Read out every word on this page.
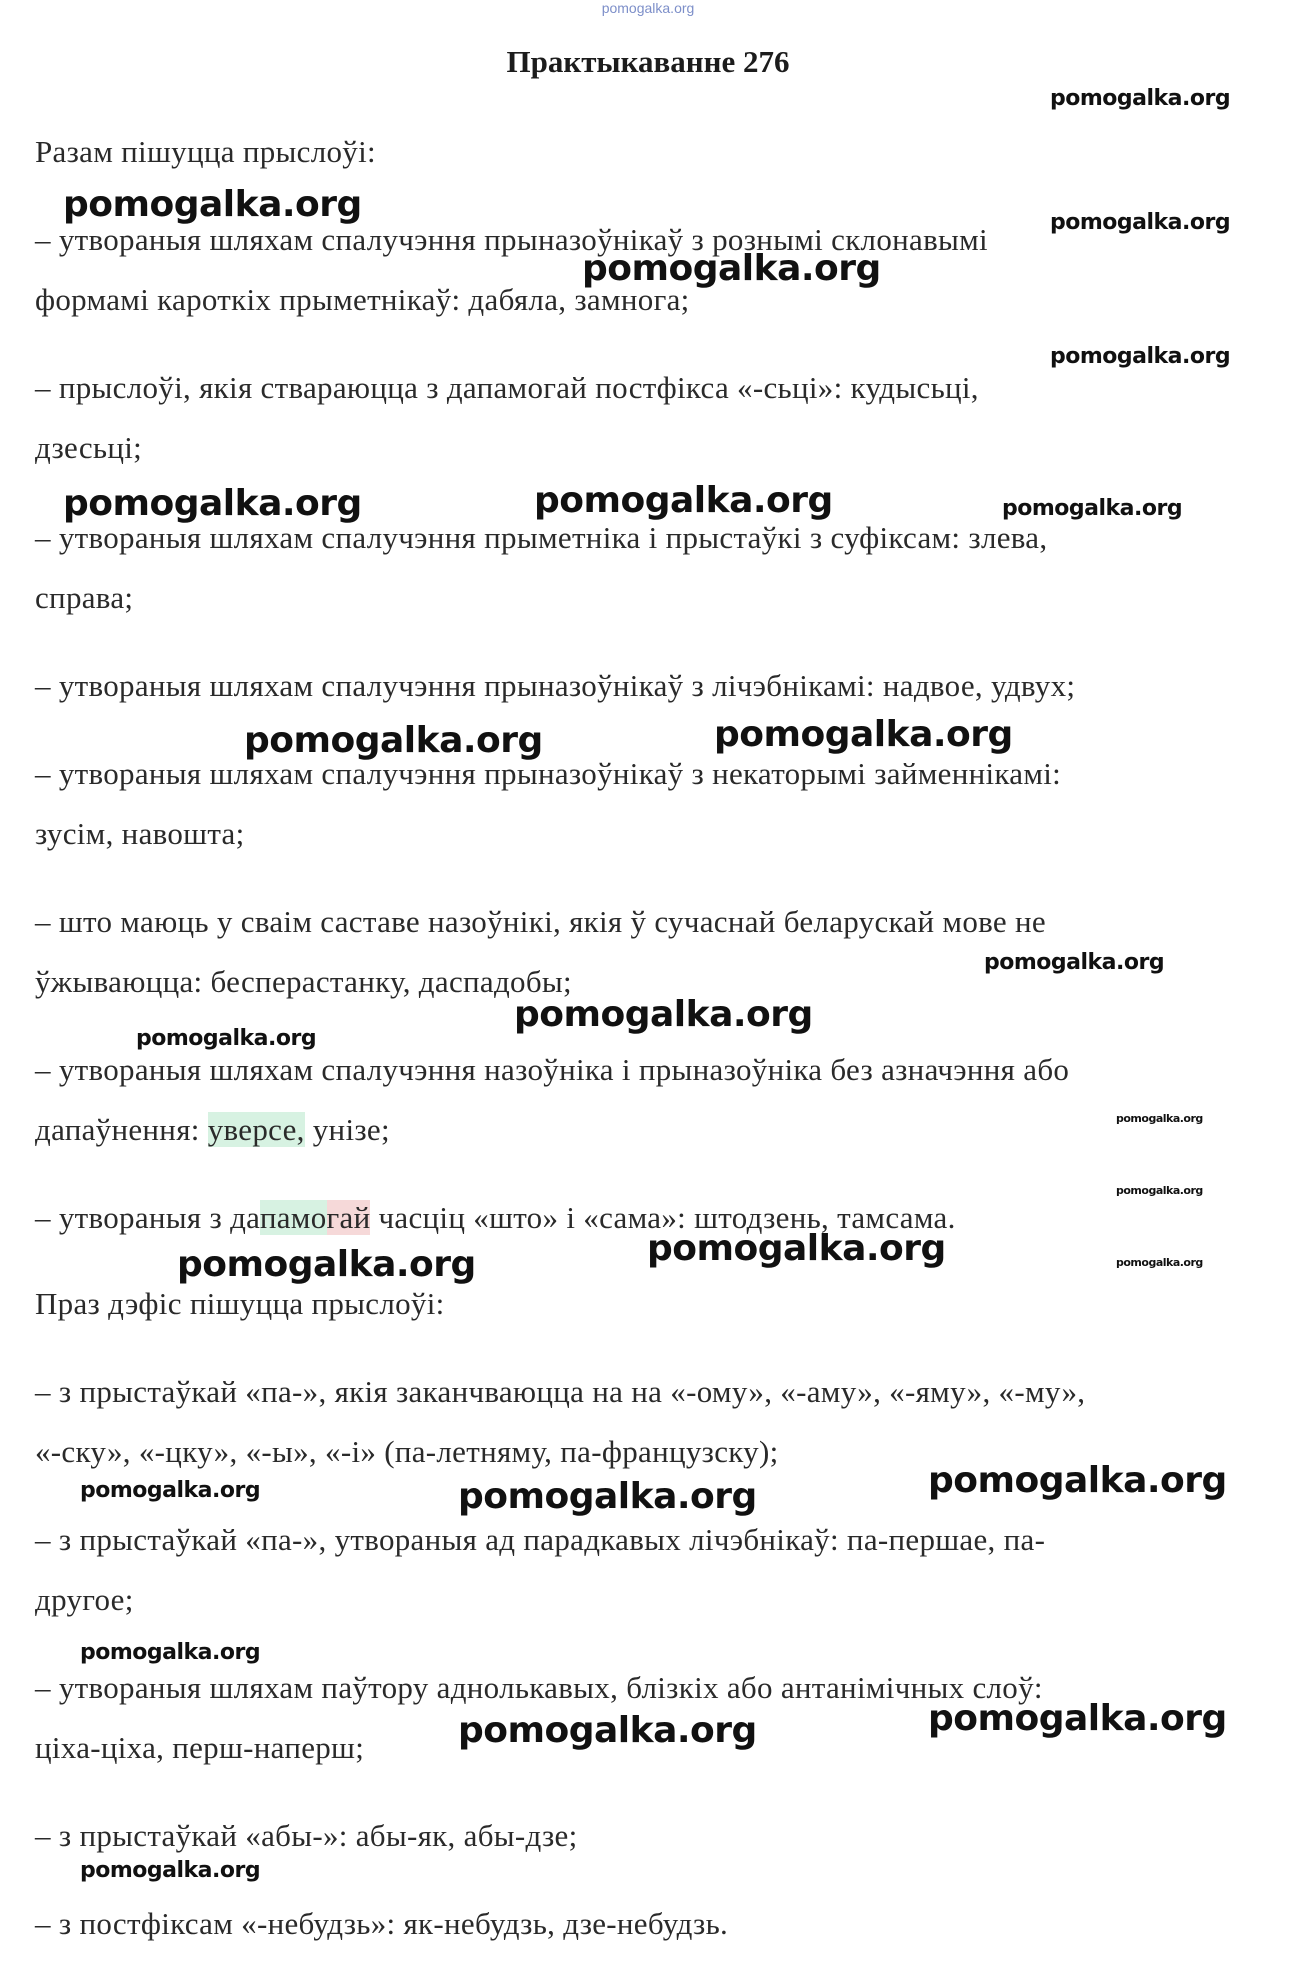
pomogalka.org
Практыкаванне 276
Разам пішуцца прыслоўі:
– утвораныя шляхам спалучэння прыназоўнікаў з рознымі склонавымі
формамі кароткіх прыметнікаў: дабяла, замнога;
– прыслоўі, якія ствараюцца з дапамогай постфікса «-сьці»: кудысьці,
дзесьці;
– утвораныя шляхам спалучэння прыметніка і прыстаўкі з суфіксам: злева,
справа;
– утвораныя шляхам спалучэння прыназоўнікаў з лічэбнікамі: надвое, удвух;
– утвораныя шляхам спалучэння прыназоўнікаў з некаторымі займеннікамі:
зусім, навошта;
– што маюць у сваім саставе назоўнікі, якія ў сучаснай беларускай мове не
ўжываюцца: бесперастанку, даспадобы;
– утвораныя шляхам спалучэння назоўніка і прыназоўніка без азначэння або
дапаўнення: уверсе, унізе;
– утвораныя з дапамогай часціц «што» і «сама»: штодзень, тамсама.
Праз дэфіс пішуцца прыслоўі:
– з прыстаўкай «па-», якія заканчваюцца на на «-ому», «-аму», «-яму», «-му»,
«-ску», «-цку», «-ы», «-і» (па-летняму, па-французску);
– з прыстаўкай «па-», утвораныя ад парадкавых лічэбнікаў: па-першае, па-
другое;
– утвораныя шляхам паўтору аднолькавых, блізкіх або антанімічных слоў:
ціха-ціха, перш-наперш;
– з прыстаўкай «абы-»: абы-як, абы-дзе;
– з постфіксам «-небудзь»: як-небудзь, дзе-небудзь.
pomogalka.org
pomogalka.org	pomogalka.org
pomogalka.org
pomogalka.org
pomogalka.org	pomogalka.org	pomogalka.org
pomogalka.org	pomogalka.org
pomogalka.org
pomogalka.org
pomogalka.org
pomogalka.org
pomogalka.org
pomogalka.org
pomogalka.org	pomogalka.org
pomogalka.org
pomogalka.org	pomogalka.org
pomogalka.org
pomogalka.org
pomogalka.org
pomogalka.org
